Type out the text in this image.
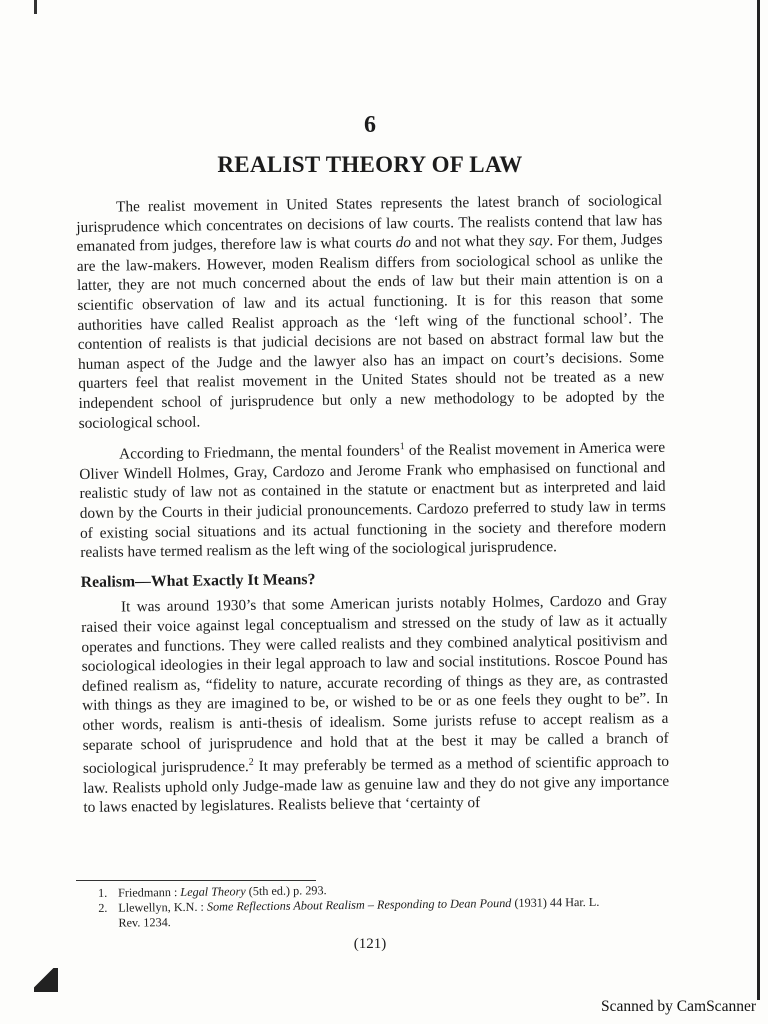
6
REALIST THEORY OF LAW

The realist movement in United States represents the latest branch of sociological jurisprudence which concentrates on decisions of law courts. The realists contend that law has emanated from judges, therefore law is what courts do and not what they say. For them, Judges are the law-makers. However, moden Realism differs from sociological school as unlike the latter, they are not much concerned about the ends of law but their main attention is on a scientific observation of law and its actual functioning. It is for this reason that some authorities have called Realist approach as the ‘left wing of the functional school’. The contention of realists is that judicial decisions are not based on abstract formal law but the human aspect of the Judge and the lawyer also has an impact on court’s decisions. Some quarters feel that realist movement in the United States should not be treated as a new independent school of jurisprudence but only a new methodology to be adopted by the sociological school.

According to Friedmann, the mental founders$^1$ of the Realist movement in America were Oliver Windell Holmes, Gray, Cardozo and Jerome Frank who emphasised on functional and realistic study of law not as contained in the statute or enactment but as interpreted and laid down by the Courts in their judicial pronouncements. Cardozo preferred to study law in terms of existing social situations and its actual functioning in the society and therefore modern realists have termed realism as the left wing of the sociological jurisprudence.

Realism—What Exactly It Means?

It was around 1930’s that some American jurists notably Holmes, Cardozo and Gray raised their voice against legal conceptualism and stressed on the study of law as it actually operates and functions. They were called realists and they combined analytical positivism and sociological ideologies in their legal approach to law and social institutions. Roscoe Pound has defined realism as, “fidelity to nature, accurate recording of things as they are, as contrasted with things as they are imagined to be, or wished to be or as one feels they ought to be”. In other words, realism is anti-thesis of idealism. Some jurists refuse to accept realism as a separate school of jurisprudence and hold that at the best it may be called a branch of sociological jurisprudence.$^2$ It may preferably be termed as a method of scientific approach to law. Realists uphold only Judge-made law as genuine law and they do not give any importance to laws enacted by legislatures. Realists believe that ‘certainty of

1. Friedmann : Legal Theory (5th ed.) p. 293.

2. Llewellyn, K.N. : Some Reflections About Realism – Responding to Dean Pound (1931) 44 Har. L.

Rev. 1234.

(121)
Scanned by CamScanner
